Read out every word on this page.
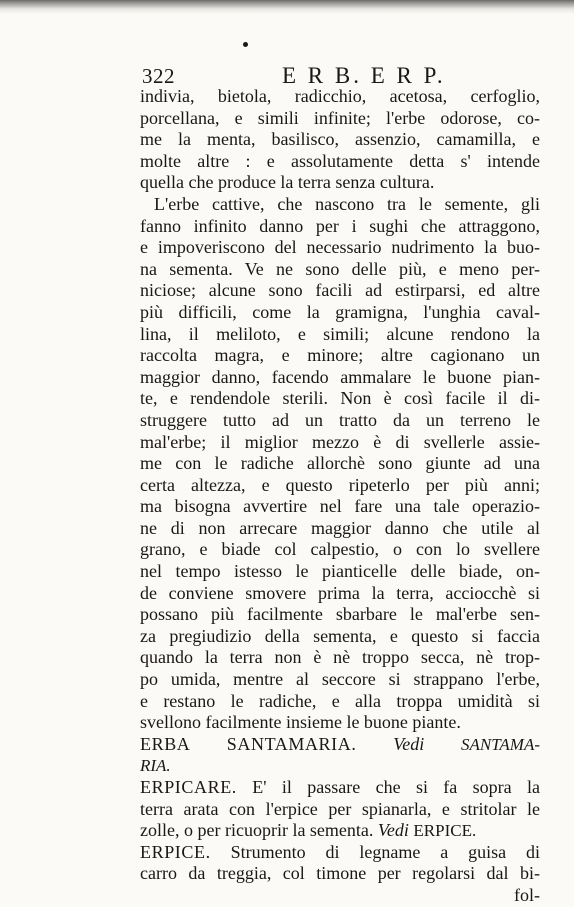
322	E R B. E R P.
indivia, bietola, radicchio, acetosa, cerfoglio,
porcellana, e simili infinite; l'erbe odorose, co-
me la menta, basilisco, assenzio, camamilla, e
molte altre : e assolutamente detta s' intende
quella che produce la terra senza cultura.
L'erbe cattive, che nascono tra le semente, gli
fanno infinito danno per i sughi che attraggono,
e impoveriscono del necessario nudrimento la buo-
na sementa. Ve ne sono delle più, e meno per-
niciose; alcune sono facili ad estirparsi, ed altre
più difficili, come la gramigna, l'unghia caval-
lina, il meliloto, e simili; alcune rendono la
raccolta magra, e minore; altre cagionano un
maggior danno, facendo ammalare le buone pian-
te, e rendendole sterili. Non è così facile il di-
struggere tutto ad un tratto da un terreno le
mal'erbe; il miglior mezzo è di svellerle assie-
me con le radiche allorchè sono giunte ad una
certa altezza, e questo ripeterlo per più anni;
ma bisogna avvertire nel fare una tale operazio-
ne di non arrecare maggior danno che utile al
grano, e biade col calpestio, o con lo svellere
nel tempo istesso le pianticelle delle biade, on-
de conviene smovere prima la terra, acciocchè si
possano più facilmente sbarbare le mal'erbe sen-
za pregiudizio della sementa, e questo si faccia
quando la terra non è nè troppo secca, nè trop-
po umida, mentre al seccore si strappano l'erbe,
e restano le radiche, e alla troppa umidità si
svellono facilmente insieme le buone piante.
ERBA SANTAMARIA. Vedi SANTAMA-
RIA.
ERPICARE. E' il passare che si fa sopra la
terra arata con l'erpice per spianarla, e stritolar le
zolle, o per ricuoprir la sementa. Vedi ERPICE.
ERPICE. Strumento di legname a guisa di
carro da treggia, col timone per regolarsi dal bi-
fol-
